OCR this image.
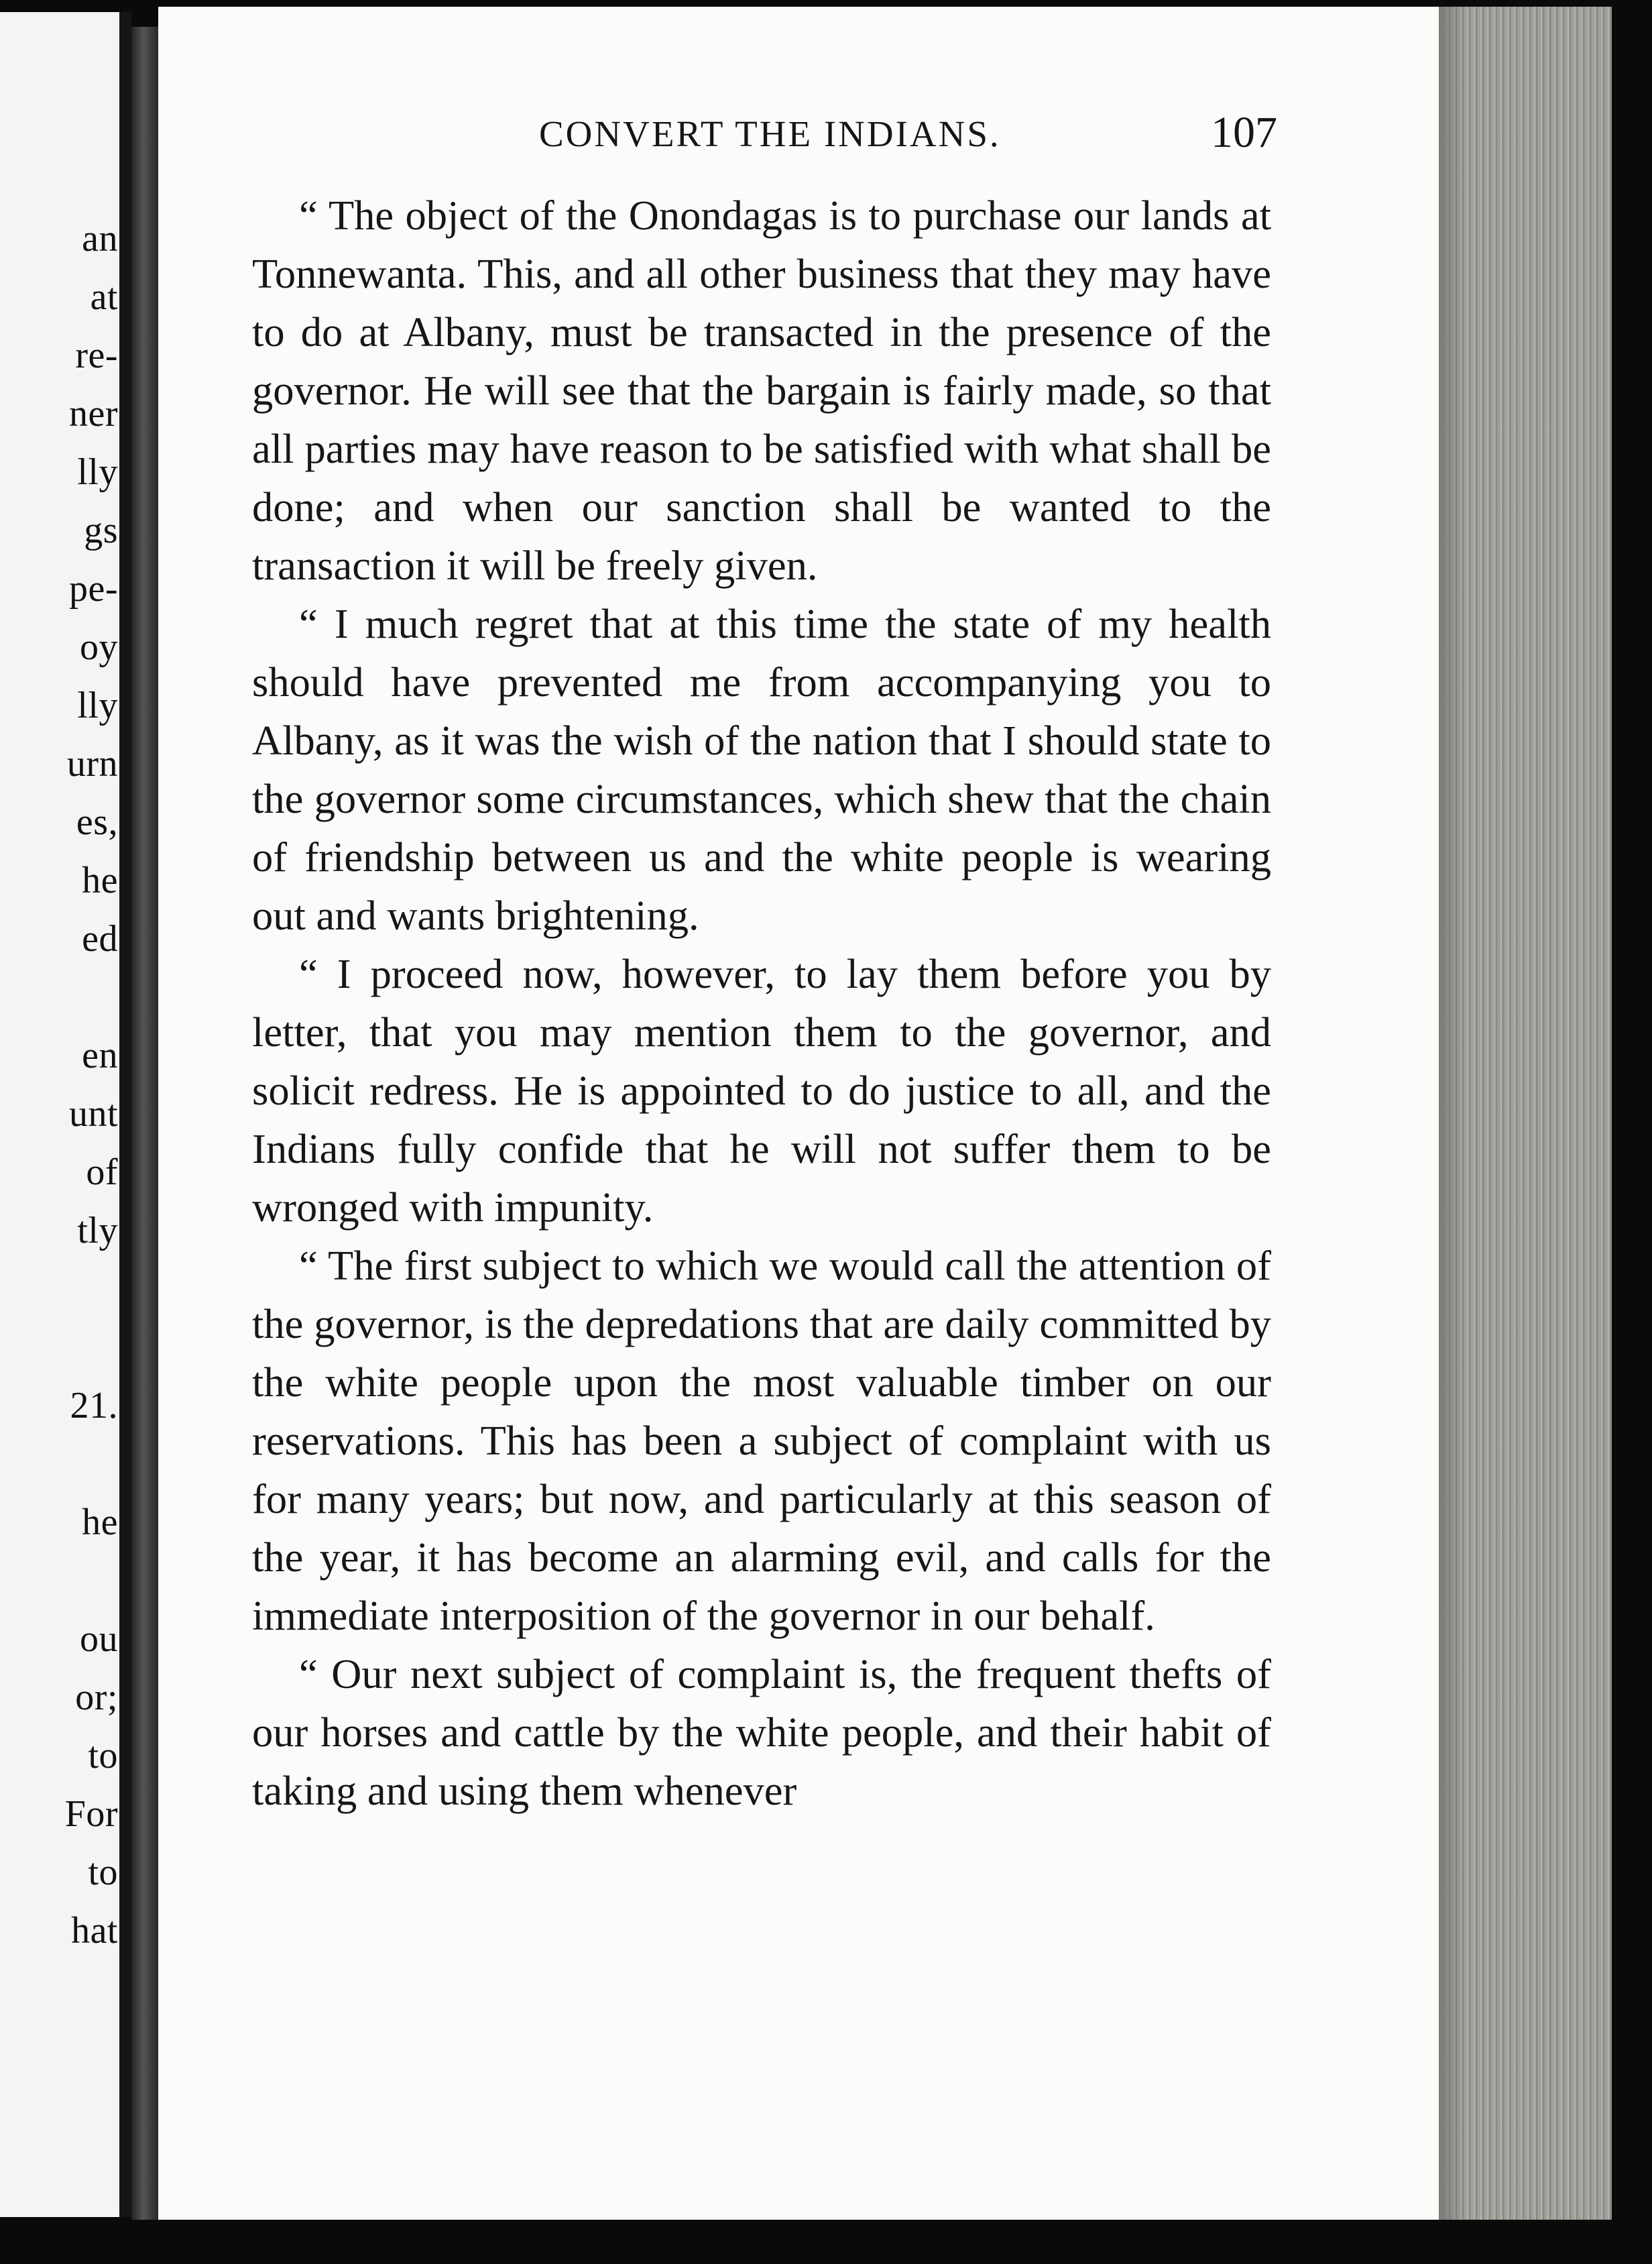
an
at
re-
ner
lly
gs
pe-
oy
lly
urn
es,
he
ed
en
unt
of
tly
21.
he
ou
or;
to
For
to
hat
CONVERT THE INDIANS.	107

“ The object of the Onondagas is to purchase our lands at Tonnewanta. This, and all other business that they may have to do at Albany, must be transacted in the presence of the governor. He will see that the bargain is fairly made, so that all parties may have reason to be satisfied with what shall be done; and when our sanction shall be wanted to the transaction it will be freely given.

“ I much regret that at this time the state of my health should have prevented me from accompanying you to Albany, as it was the wish of the nation that I should state to the governor some circumstances, which shew that the chain of friendship between us and the white people is wearing out and wants brightening.

“ I proceed now, however, to lay them before you by letter, that you may mention them to the governor, and solicit redress. He is appointed to do justice to all, and the Indians fully confide that he will not suffer them to be wronged with impunity.

“ The first subject to which we would call the attention of the governor, is the depredations that are daily committed by the white people upon the most valuable timber on our reservations. This has been a subject of complaint with us for many years; but now, and particularly at this season of the year, it has become an alarming evil, and calls for the immediate interposition of the governor in our behalf.

“ Our next subject of complaint is, the frequent thefts of our horses and cattle by the white people, and their habit of taking and using them whenever
